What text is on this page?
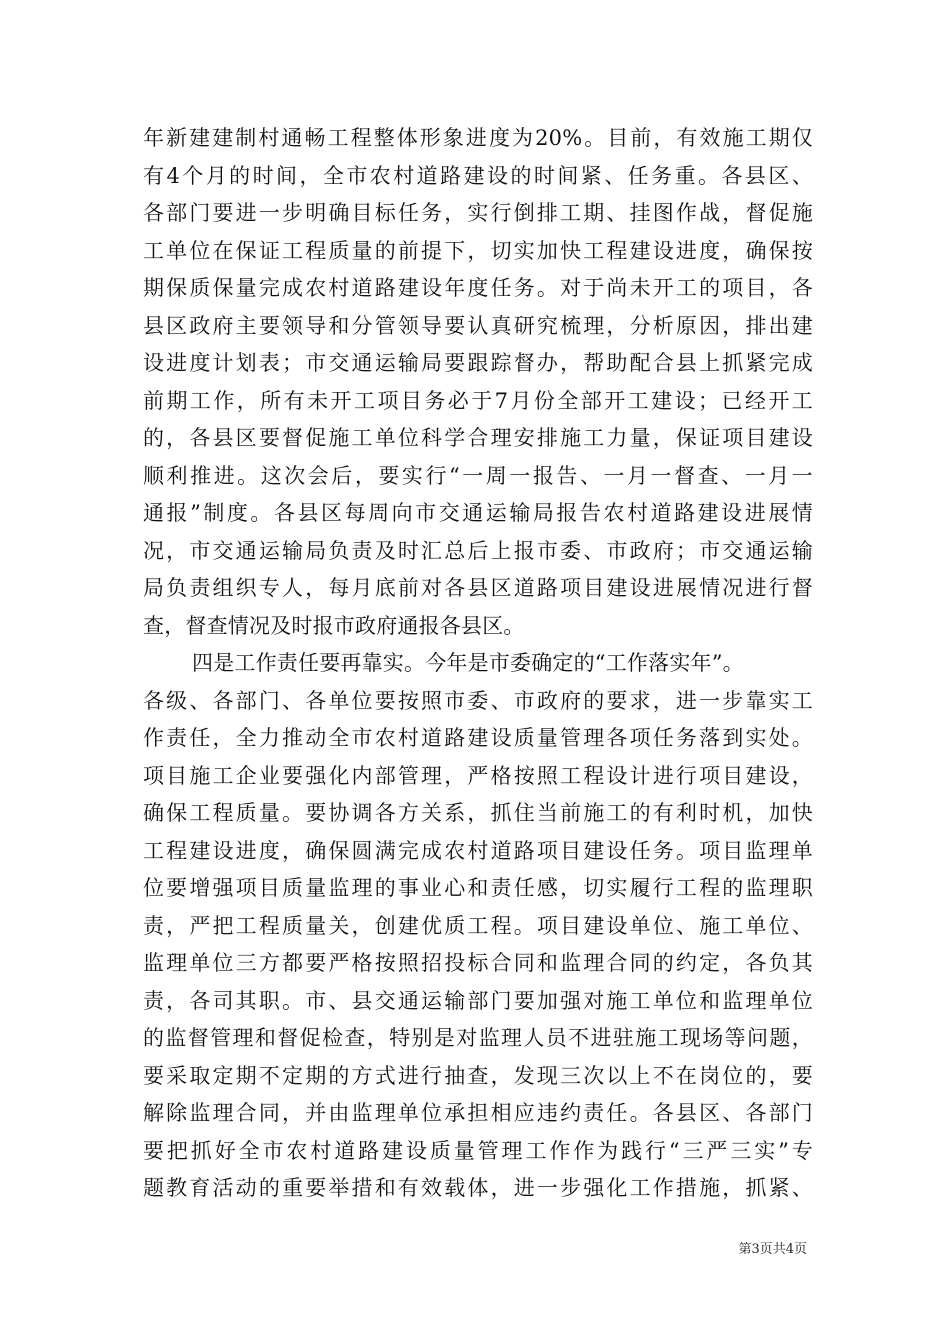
年新建建制村通畅工程整体形象进度为20%。目前，有效施工期仅
有4个月的时间，全市农村道路建设的时间紧、任务重。各县区、
各部门要进一步明确目标任务，实行倒排工期、挂图作战，督促施
工单位在保证工程质量的前提下，切实加快工程建设进度，确保按
期保质保量完成农村道路建设年度任务。对于尚未开工的项目，各
县区政府主要领导和分管领导要认真研究梳理，分析原因，排出建
设进度计划表；市交通运输局要跟踪督办，帮助配合县上抓紧完成
前期工作，所有未开工项目务必于7月份全部开工建设；已经开工
的，各县区要督促施工单位科学合理安排施工力量，保证项目建设
顺利推进。这次会后，要实行“一周一报告、一月一督查、一月一
通报”制度。各县区每周向市交通运输局报告农村道路建设进展情
况，市交通运输局负责及时汇总后上报市委、市政府；市交通运输
局负责组织专人，每月底前对各县区道路项目建设进展情况进行督
查，督查情况及时报市政府通报各县区。
四是工作责任要再靠实。今年是市委确定的“工作落实年”。
各级、各部门、各单位要按照市委、市政府的要求，进一步靠实工
作责任，全力推动全市农村道路建设质量管理各项任务落到实处。
项目施工企业要强化内部管理，严格按照工程设计进行项目建设，
确保工程质量。要协调各方关系，抓住当前施工的有利时机，加快
工程建设进度，确保圆满完成农村道路项目建设任务。项目监理单
位要增强项目质量监理的事业心和责任感，切实履行工程的监理职
责，严把工程质量关，创建优质工程。项目建设单位、施工单位、
监理单位三方都要严格按照招投标合同和监理合同的约定，各负其
责，各司其职。市、县交通运输部门要加强对施工单位和监理单位
的监督管理和督促检查，特别是对监理人员不进驻施工现场等问题，
要采取定期不定期的方式进行抽查，发现三次以上不在岗位的，要
解除监理合同，并由监理单位承担相应违约责任。各县区、各部门
要把抓好全市农村道路建设质量管理工作作为践行“三严三实”专
题教育活动的重要举措和有效载体，进一步强化工作措施，抓紧、
第3页共4页
